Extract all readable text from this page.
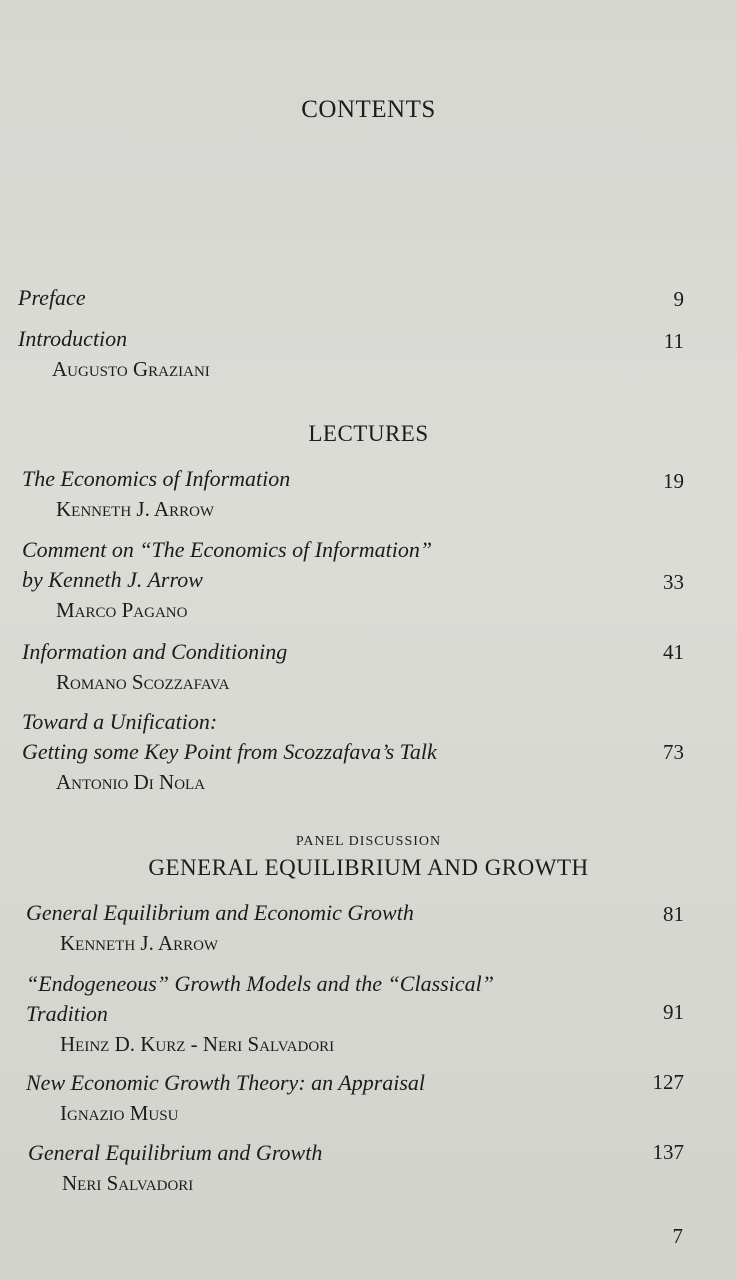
CONTENTS
Preface	9
Introduction
Augusto Graziani
11
LECTURES
The Economics of Information
Kenneth J. Arrow
19
Comment on “The Economics of Information”
by Kenneth J. Arrow
Marco Pagano
33
Information and Conditioning
Romano Scozzafava
41
Toward a Unification:
Getting some Key Point from Scozzafava’s Talk
Antonio Di Nola
73
PANEL DISCUSSION
GENERAL EQUILIBRIUM AND GROWTH
General Equilibrium and Economic Growth
Kenneth J. Arrow
81
“Endogeneous” Growth Models and the “Classical”
Tradition
Heinz D. Kurz - Neri Salvadori
91
New Economic Growth Theory: an Appraisal
Ignazio Musu
127
General Equilibrium and Growth
Neri Salvadori
137
7
